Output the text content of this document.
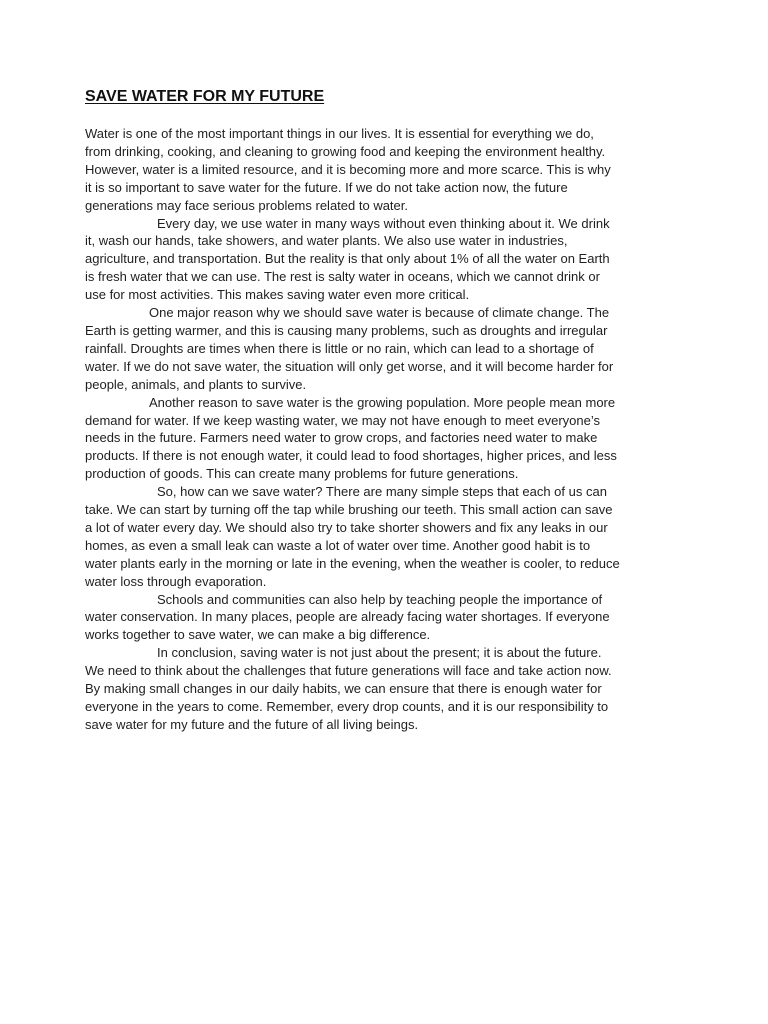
SAVE WATER FOR MY FUTURE

Water is one of the most important things in our lives. It is essential for everything we do, from drinking, cooking, and cleaning to growing food and keeping the environment healthy. However, water is a limited resource, and it is becoming more and more scarce. This is why it is so important to save water for the future. If we do not take action now, the future generations may face serious problems related to water.

Every day, we use water in many ways without even thinking about it. We drink it, wash our hands, take showers, and water plants. We also use water in industries, agriculture, and transportation. But the reality is that only about 1% of all the water on Earth is fresh water that we can use. The rest is salty water in oceans, which we cannot drink or use for most activities. This makes saving water even more critical.

One major reason why we should save water is because of climate change. The Earth is getting warmer, and this is causing many problems, such as droughts and irregular rainfall. Droughts are times when there is little or no rain, which can lead to a shortage of water. If we do not save water, the situation will only get worse, and it will become harder for people, animals, and plants to survive.

Another reason to save water is the growing population. More people mean more demand for water. If we keep wasting water, we may not have enough to meet everyone’s needs in the future. Farmers need water to grow crops, and factories need water to make products. If there is not enough water, it could lead to food shortages, higher prices, and less production of goods. This can create many problems for future generations.

So, how can we save water? There are many simple steps that each of us can take. We can start by turning off the tap while brushing our teeth. This small action can save a lot of water every day. We should also try to take shorter showers and fix any leaks in our homes, as even a small leak can waste a lot of water over time. Another good habit is to water plants early in the morning or late in the evening, when the weather is cooler, to reduce water loss through evaporation.

Schools and communities can also help by teaching people the importance of water conservation. In many places, people are already facing water shortages. If everyone works together to save water, we can make a big difference.

In conclusion, saving water is not just about the present; it is about the future. We need to think about the challenges that future generations will face and take action now. By making small changes in our daily habits, we can ensure that there is enough water for everyone in the years to come. Remember, every drop counts, and it is our responsibility to save water for my future and the future of all living beings.
